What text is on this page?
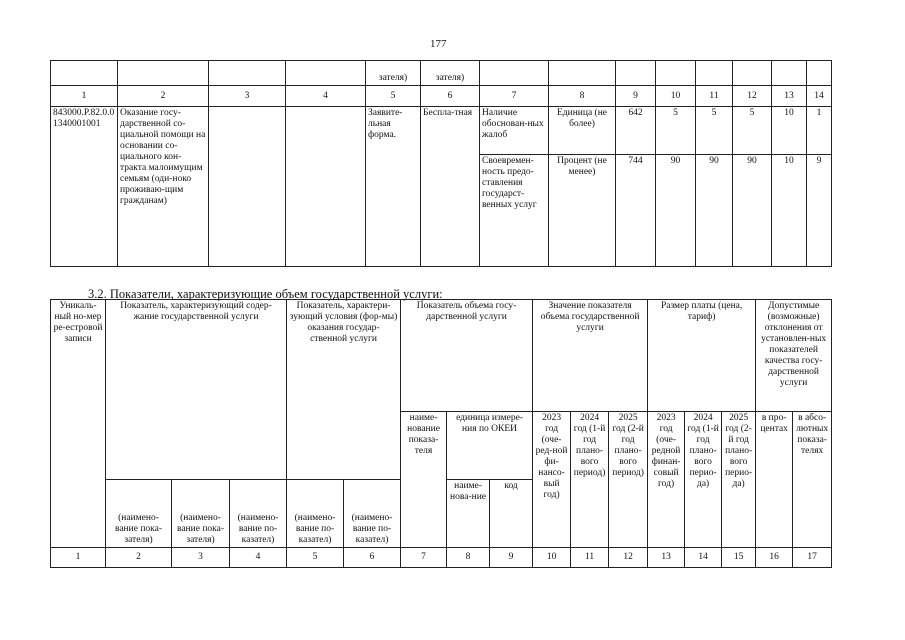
177
				зателя)	зателя)								
1	2	3	4	5	6	7	8	9	10	11	12	13	14
843000.P.82.0.01340001001	Оказание госу-дарственной со-циальной помощи на основании со-циального кон-тракта малоимущим семьям (оди-ноко проживаю-щим гражданам)			Заявите-льная форма.	Беспла-тная	Наличие обоснован-ных жалоб	Единица (не более)	642	5	5	5	10	1
						Своевремен-ность предо-ставления государст-венных услуг	Процент (не менее)	744	90	90	90	10	9
3.2. Показатели, характеризующие объем государственной услуги:
Уникаль-ный но-мер ре-естровой записи	Показатель, характеризующий содер-жание государственной услуги			Показатель, характери-зующий условия (фор-мы) оказания государ-ственной услуги		Показатель объема госу-дарственной услуги			Значение показателя объема государственной услуги			Размер платы (цена, тариф)			Допустимые (возможные) отклонения от установлен-ных показателей качества госу-дарственной услуги	
						наиме-нование показа-теля	единица измере-ния по ОКЕИ		2023 год (оче-ред-ной фи-нансо-вый год)	2024 год (1-й год плано-вого период)	2025 год (2-й год плано-вого период)	2023 год (оче-редной финан-совый год)	2024 год (1-й год плано-вого перио-да)	2025 год (2-й год плано-вого перио-да)	в про-центах	в абсо-лютных показа-телях
	(наимено-вание пока-зателя)	(наимено-вание пока-зателя)	(наимено-вание по-казател)	(наимено-вание по-казател)	(наимено-вание по-казател)		наиме-нова-ние	код								
1	2	3	4	5	6	7	8	9	10	11	12	13	14	15	16	17
